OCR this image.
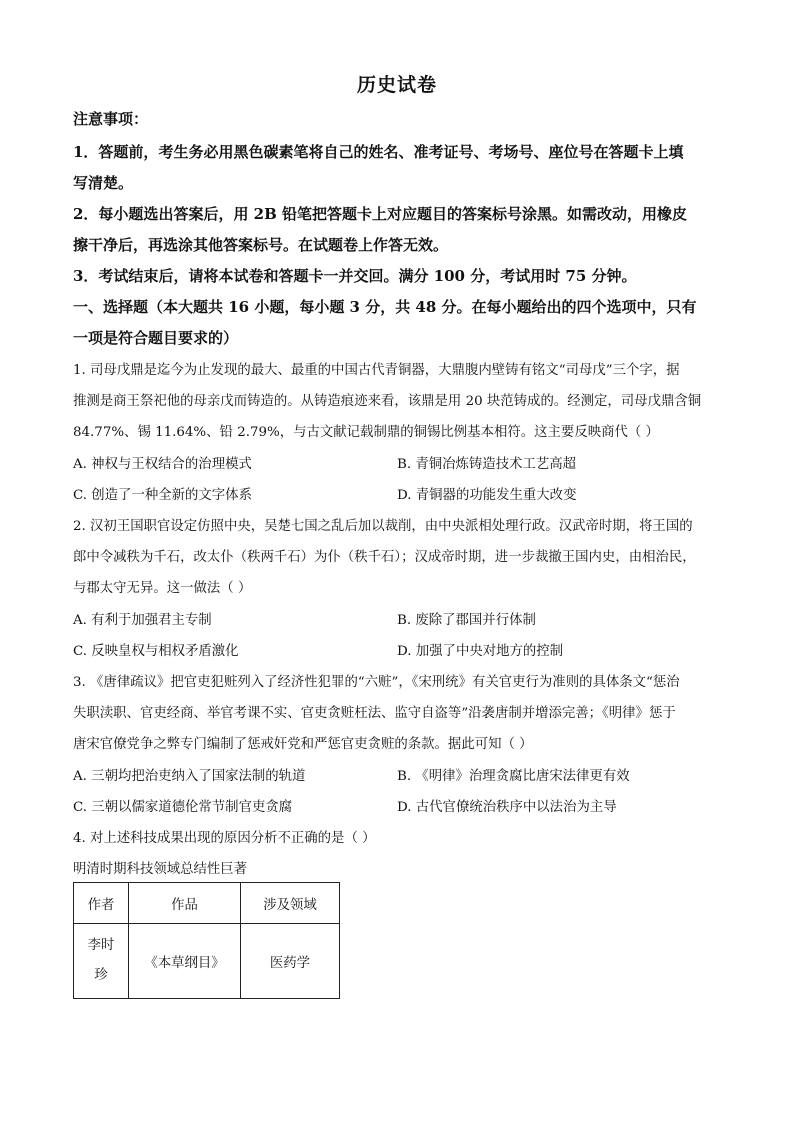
历史试卷
注意事项：
1．答题前，考生务必用黑色碳素笔将自己的姓名、准考证号、考场号、座位号在答题卡上填
写清楚。
2．每小题选出答案后，用 2B 铅笔把答题卡上对应题目的答案标号涂黑。如需改动，用橡皮
擦干净后，再选涂其他答案标号。在试题卷上作答无效。
3．考试结束后，请将本试卷和答题卡一并交回。满分 100 分，考试用时 75 分钟。
一、选择题（本大题共 16 小题，每小题 3 分，共 48 分。在每小题给出的四个选项中，只有
一项是符合题目要求的）
1. 司母戊鼎是迄今为止发现的最大、最重的中国古代青铜器，大鼎腹内壁铸有铭文“司母戊”三个字，据
推测是商王祭祀他的母亲戊而铸造的。从铸造痕迹来看，该鼎是用 20 块范铸成的。经测定，司母戊鼎含铜
84.77%、锡 11.64%、铅 2.79%，与古文献记载制鼎的铜锡比例基本相符。这主要反映商代（ ）
A. 神权与王权结合的治理模式	B. 青铜冶炼铸造技术工艺高超
C. 创造了一种全新的文字体系	D. 青铜器的功能发生重大改变
2. 汉初王国职官设定仿照中央，吴楚七国之乱后加以裁削，由中央派相处理行政。汉武帝时期，将王国的
郎中令减秩为千石，改太仆（秩两千石）为仆（秩千石）；汉成帝时期，进一步裁撤王国内史，由相治民，
与郡太守无异。这一做法（ ）
A. 有利于加强君主专制	B. 废除了郡国并行体制
C. 反映皇权与相权矛盾激化	D. 加强了中央对地方的控制
3. 《唐律疏议》把官吏犯赃列入了经济性犯罪的“六赃”，《宋刑统》有关官吏行为准则的具体条文“惩治
失职渎职、官吏经商、举官考课不实、官吏贪赃枉法、监守自盗等”沿袭唐制并增添完善；《明律》惩于
唐宋官僚党争之弊专门编制了惩戒奸党和严惩官吏贪赃的条款。据此可知（ ）
A. 三朝均把治吏纳入了国家法制的轨道	B. 《明律》治理贪腐比唐宋法律更有效
C. 三朝以儒家道德伦常节制官吏贪腐	D. 古代官僚统治秩序中以法治为主导
4. 对上述科技成果出现的原因分析不正确的是（ ）
明清时期科技领域总结性巨著
作者	作品	涉及领域
李时珍	《本草纲目》	医药学
